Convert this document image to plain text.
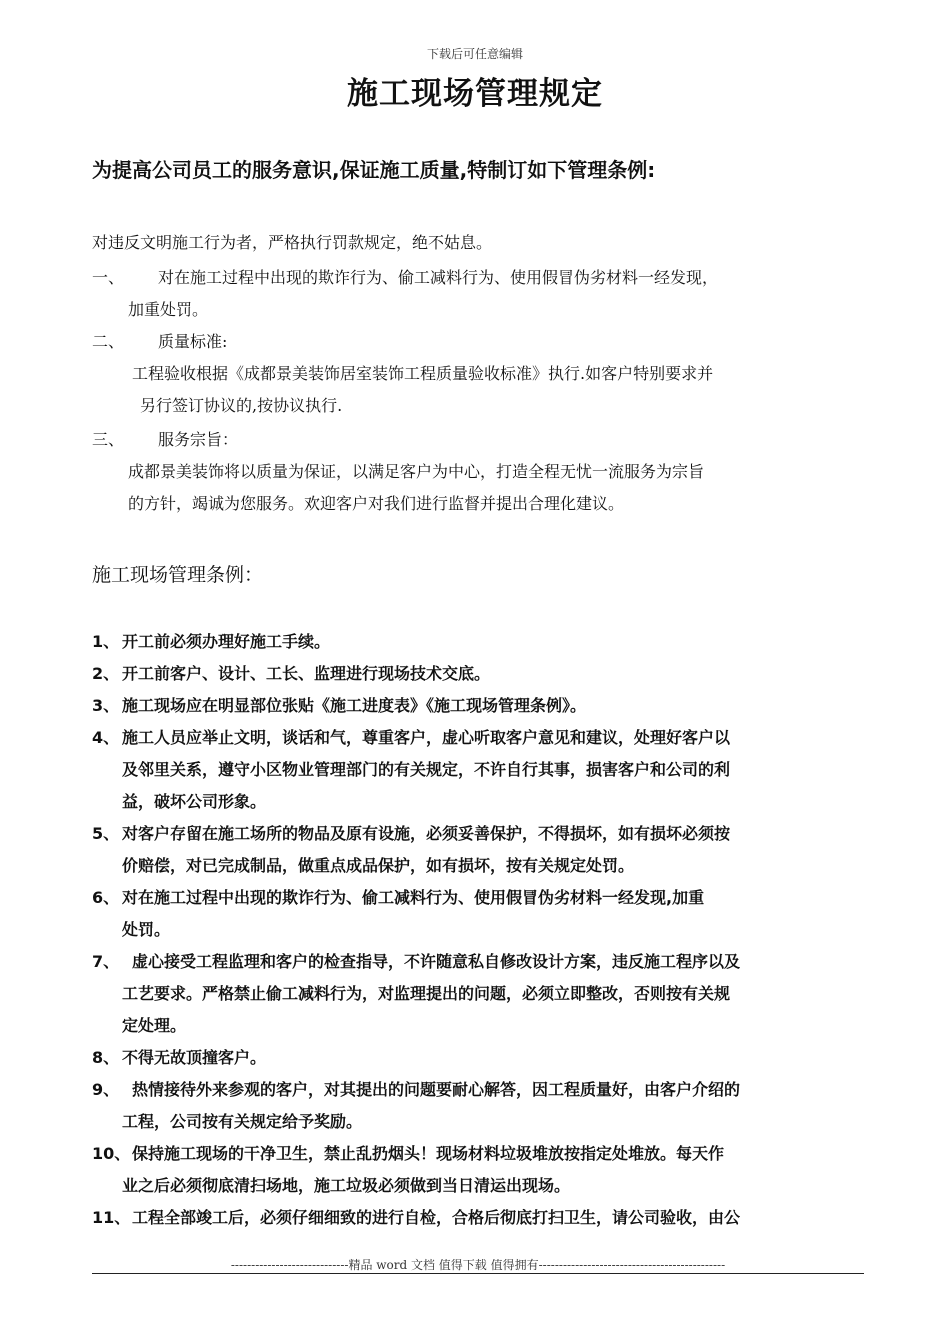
下载后可任意编辑
施工现场管理规定
为提高公司员工的服务意识,保证施工质量,特制订如下管理条例:
对违反文明施工行为者，严格执行罚款规定，绝不姑息。
一、	对在施工过程中出现的欺诈行为、偷工减料行为、使用假冒伪劣材料一经发现，
加重处罚。
二、	质量标准:
工程验收根据《成都景美装饰居室装饰工程质量验收标准》执行.如客户特别要求并
另行签订协议的,按协议执行.
三、	服务宗旨：
成都景美装饰将以质量为保证，以满足客户为中心，打造全程无忧一流服务为宗旨
的方针，竭诚为您服务。欢迎客户对我们进行监督并提出合理化建议。
施工现场管理条例：
1、 开工前必须办理好施工手续。
2、 开工前客户、设计、工长、监理进行现场技术交底。
3、 施工现场应在明显部位张贴《施工进度表》《施工现场管理条例》。
4、 施工人员应举止文明，谈话和气，尊重客户，虚心听取客户意见和建议，处理好客户以
及邻里关系，遵守小区物业管理部门的有关规定，不许自行其事，损害客户和公司的利
益，破坏公司形象。
5、 对客户存留在施工场所的物品及原有设施，必须妥善保护，不得损坏，如有损坏必须按
价赔偿，对已完成制品，做重点成品保护，如有损坏，按有关规定处罚。
6、 对在施工过程中出现的欺诈行为、偷工减料行为、使用假冒伪劣材料一经发现,加重
处罚。
7、 虚心接受工程监理和客户的检查指导，不许随意私自修改设计方案，违反施工程序以及
工艺要求。严格禁止偷工减料行为，对监理提出的问题，必须立即整改，否则按有关规
定处理。
8、 不得无故顶撞客户。
9、 热情接待外来参观的客户，对其提出的问题要耐心解答，因工程质量好，由客户介绍的
工程，公司按有关规定给予奖励。
10、 保持施工现场的干净卫生，禁止乱扔烟头！现场材料垃圾堆放按指定处堆放。每天作
业之后必须彻底清扫场地，施工垃圾必须做到当日清运出现场。
11、 工程全部竣工后，必须仔细细致的进行自检，合格后彻底打扫卫生，请公司验收，由公
-----------------------------精品 word 文档 值得下载 值得拥有----------------------------------------------
